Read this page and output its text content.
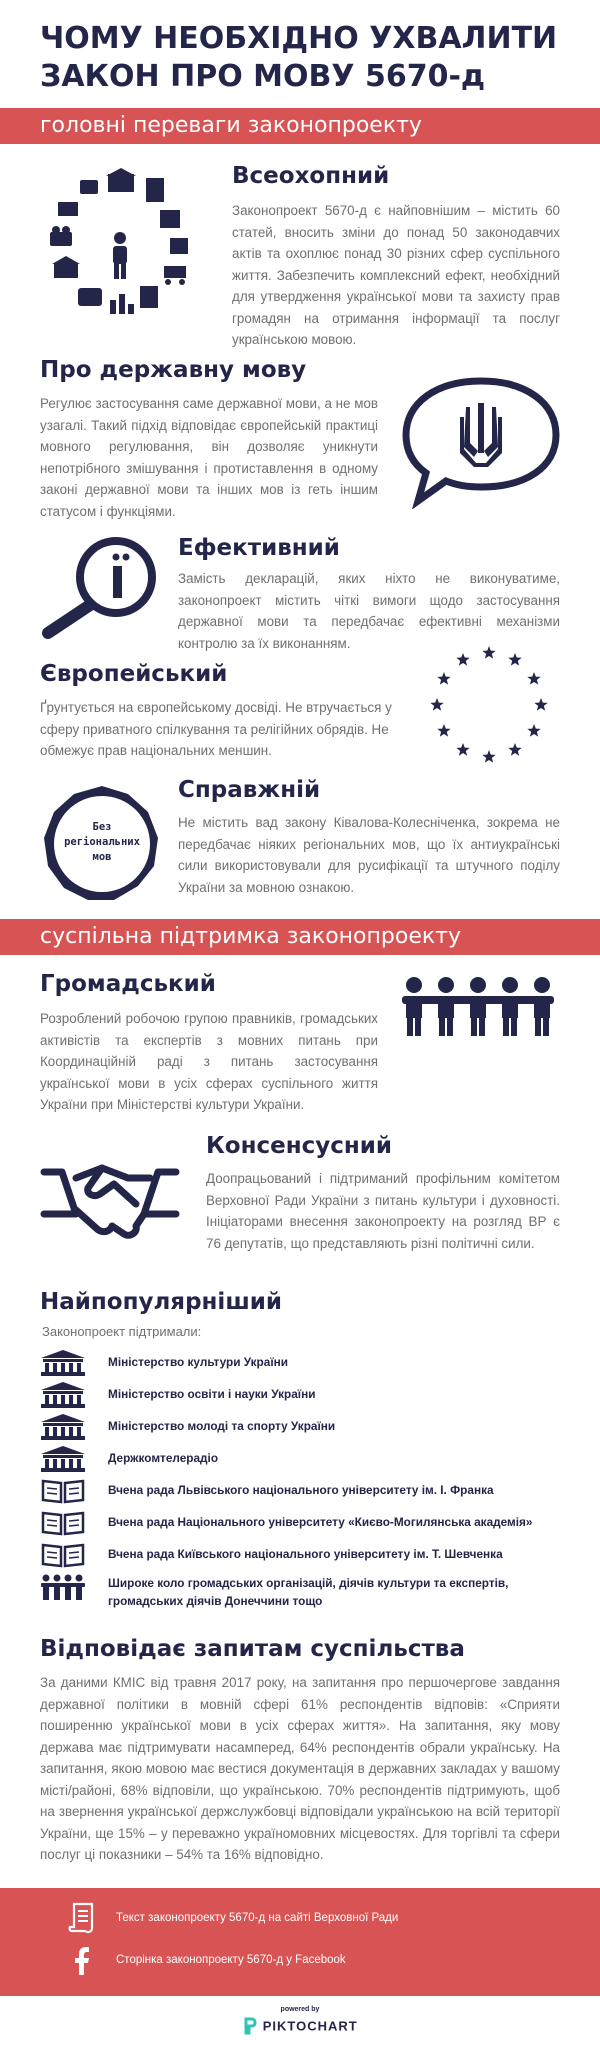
ЧОМУ НЕОБХІДНО УХВАЛИТИ ЗАКОН ПРО МОВУ 5670-д
головні переваги законопроекту
Всеохопний
Законопроект 5670-д є найповнішим – містить 60 статей, вносить зміни до понад 50 законодавчих актів та охоплює понад 30 різних сфер суспільного життя. Забезпечить комплексний ефект, необхідний для утвердження української мови та захисту прав громадян на отримання інформації та послуг українською мовою.
Про державну мову
Регулює застосування саме державної мови, а не мов узагалі. Такий підхід відповідає європейській практиці мовного регулювання, він дозволяє уникнути непотрібного змішування і протиставлення в одному законі державної мови та інших мов із геть іншим статусом і функціями.
Ефективний
Замість декларацій, яких ніхто не виконуватиме, законопроект містить чіткі вимоги щодо застосування державної мови та передбачає ефективні механізми контролю за їх виконанням.
Європейський
Ґрунтується на європейському досвіді. Не втручається у сферу приватного спілкування та релігійних обрядів. Не обмежує прав національних меншин.
Без регіональних мов
Справжній
Не містить вад закону Ківалова-Колесніченка, зокрема не передбачає ніяких регіональних мов, що їх антиукраїнські сили використовували для русифікації та штучного поділу України за мовною ознакою.
суспільна підтримка законопроекту
Громадський
Розроблений робочою групою правників, громадських активістів та експертів з мовних питань при Координаційній раді з питань застосування української мови в усіх сферах суспільного життя України при Міністерстві культури України.
Консенсусний
Доопрацьований і підтриманий профільним комітетом Верховної Ради України з питань культури і духовності. Ініціаторами внесення законопроекту на розгляд ВР є 76 депутатів, що представляють різні політичні сили.
Найпопулярніший
Законопроект підтримали:
Міністерство культури України
Міністерство освіти і науки України
Міністерство молоді та спорту України
Держкомтелерадіо
Вчена рада Львівського національного університету ім. І. Франка
Вчена рада Національного університету «Києво-Могилянська академія»
Вчена рада Київського національного університету ім. Т. Шевченка
Широке коло громадських організацій, діячів культури та експертів, громадських діячів Донеччини тощо
Відповідає запитам суспільства
За даними КМІС від травня 2017 року, на запитання про першочергове завдання державної політики в мовній сфері 61% респондентів відповів: «Сприяти поширенню української мови в усіх сферах життя». На запитання, яку мову держава має підтримувати насамперед, 64% респондентів обрали українську. На запитання, якою мовою має вестися документація в державних закладах у вашому місті/районі, 68% відповіли, що українською. 70% респондентів підтримують, щоб на звернення української держслужбовці відповідали українською на всій території України, ще 15% – у переважно україномовних місцевостях. Для торгівлі та сфери послуг ці показники – 54% та 16% відповідно.
Текст законопроекту 5670-д на сайті Верховної Ради
Сторінка законопроекту 5670-д у Facebook
powered by
PIKTOCHART
